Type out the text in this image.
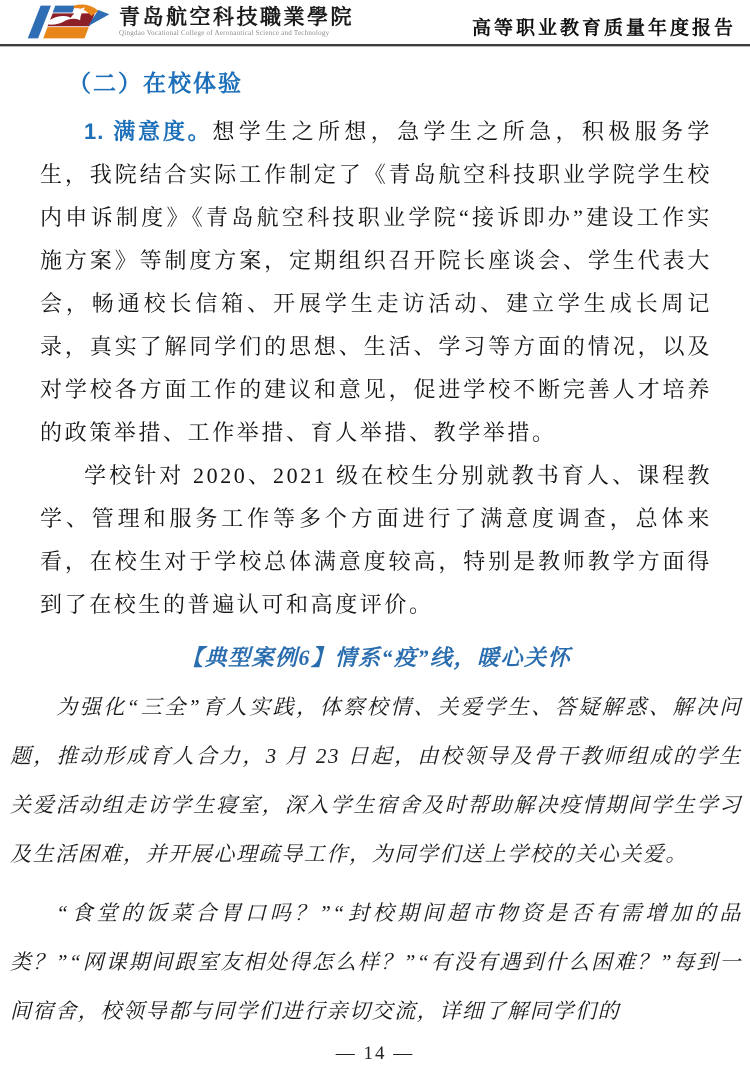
青岛航空科技職業學院
Qingdao Vocational College of Aeronautical Science and Technology	高等职业教育质量年度报告
（二）在校体验

1. 满意度。想学生之所想，急学生之所急，积极服务学生，我院结合实际工作制定了《青岛航空科技职业学院学生校内申诉制度》《青岛航空科技职业学院“接诉即办”建设工作实施方案》等制度方案，定期组织召开院长座谈会、学生代表大会，畅通校长信箱、开展学生走访活动、建立学生成长周记录，真实了解同学们的思想、生活、学习等方面的情况，以及对学校各方面工作的建议和意见，促进学校不断完善人才培养的政策举措、工作举措、育人举措、教学举措。

学校针对 2020、2021 级在校生分别就教书育人、课程教学、管理和服务工作等多个方面进行了满意度调查，总体来看，在校生对于学校总体满意度较高，特别是教师教学方面得到了在校生的普遍认可和高度评价。

【典型案例6】情系“疫”线，暖心关怀

为强化“三全”育人实践，体察校情、关爱学生、答疑解惑、解决问题，推动形成育人合力，3 月 23 日起，由校领导及骨干教师组成的学生关爱活动组走访学生寝室，深入学生宿舍及时帮助解决疫情期间学生学习及生活困难，并开展心理疏导工作，为同学们送上学校的关心关爱。

“食堂的饭菜合胃口吗？”“封校期间超市物资是否有需增加的品类？”“网课期间跟室友相处得怎么样？”“有没有遇到什么困难？”每到一间宿舍，校领导都与同学们进行亲切交流，详细了解同学们的

— 14 —
